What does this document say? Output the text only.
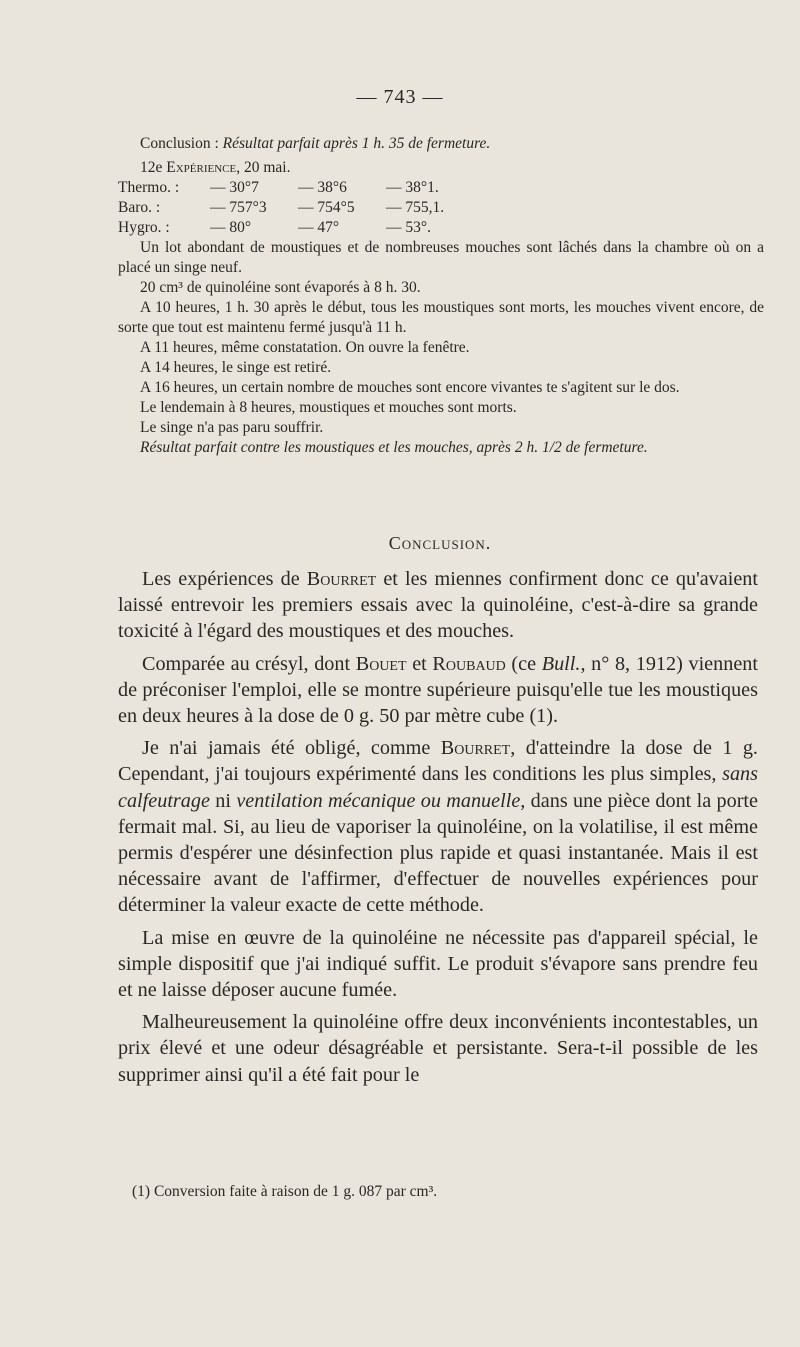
— 743 —

Conclusion : Résultat parfait après 1 h. 35 de fermeture.

12e Expérience, 20 mai.

Thermo. :	— 30°7	— 38°6	— 38°1.
Baro. :	— 757°3	— 754°5	— 755,1.
Hygro. :	— 80°	— 47°	— 53°.

Un lot abondant de moustiques et de nombreuses mouches sont lâchés dans la chambre où on a placé un singe neuf.

20 cm³ de quinoléine sont évaporés à 8 h. 30.

A 10 heures, 1 h. 30 après le début, tous les moustiques sont morts, les mouches vivent encore, de sorte que tout est maintenu fermé jusqu'à 11 h.

A 11 heures, même constatation. On ouvre la fenêtre.

A 14 heures, le singe est retiré.

A 16 heures, un certain nombre de mouches sont encore vivantes te s'agitent sur le dos.

Le lendemain à 8 heures, moustiques et mouches sont morts.

Le singe n'a pas paru souffrir.

Résultat parfait contre les moustiques et les mouches, après 2 h. 1/2 de fermeture.

Conclusion.

Les expériences de Bourret et les miennes confirment donc ce qu'avaient laissé entrevoir les premiers essais avec la quinoléine, c'est-à-dire sa grande toxicité à l'égard des moustiques et des mouches.

Comparée au crésyl, dont Bouet et Roubaud (ce Bull., n° 8, 1912) viennent de préconiser l'emploi, elle se montre supérieure puisqu'elle tue les moustiques en deux heures à la dose de 0 g. 50 par mètre cube (1).

Je n'ai jamais été obligé, comme Bourret, d'atteindre la dose de 1 g. Cependant, j'ai toujours expérimenté dans les conditions les plus simples, sans calfeutrage ni ventilation mécanique ou manuelle, dans une pièce dont la porte fermait mal. Si, au lieu de vaporiser la quinoléine, on la volatilise, il est même permis d'espérer une désinfection plus rapide et quasi instantanée. Mais il est nécessaire avant de l'affirmer, d'effectuer de nouvelles expériences pour déterminer la valeur exacte de cette méthode.

La mise en œuvre de la quinoléine ne nécessite pas d'appareil spécial, le simple dispositif que j'ai indiqué suffit. Le produit s'évapore sans prendre feu et ne laisse déposer aucune fumée.

Malheureusement la quinoléine offre deux inconvénients incontestables, un prix élevé et une odeur désagréable et persistante. Sera-t-il possible de les supprimer ainsi qu'il a été fait pour le

(1) Conversion faite à raison de 1 g. 087 par cm³.
